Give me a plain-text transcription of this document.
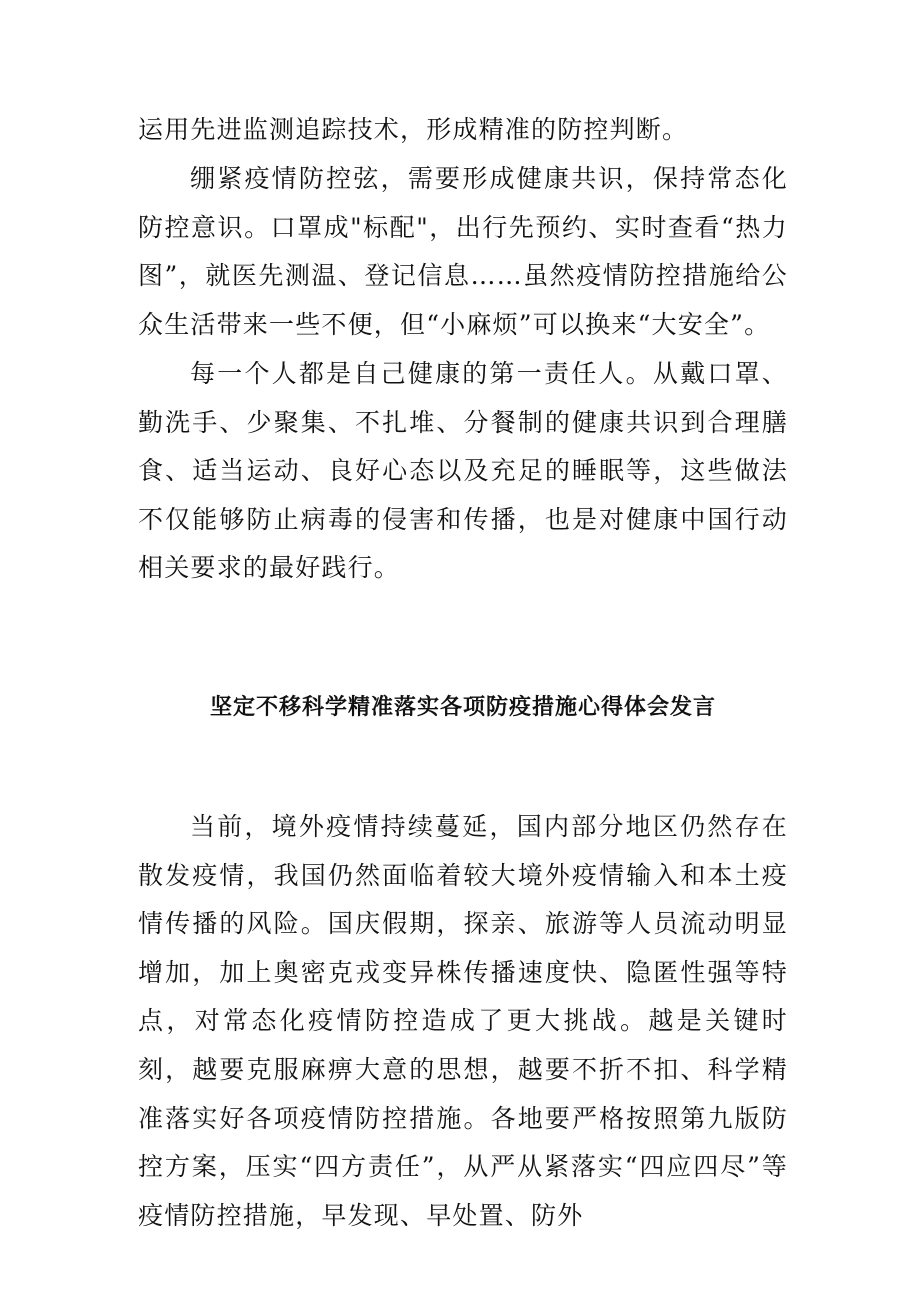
运用先进监测追踪技术，形成精准的防控判断。

绷紧疫情防控弦，需要形成健康共识，保持常态化防控意识。口罩成"标配"，出行先预约、实时查看“热力图”，就医先测温、登记信息……虽然疫情防控措施给公众生活带来一些不便，但“小麻烦”可以换来“大安全”。

每一个人都是自己健康的第一责任人。从戴口罩、勤洗手、少聚集、不扎堆、分餐制的健康共识到合理膳食、适当运动、良好心态以及充足的睡眠等，这些做法不仅能够防止病毒的侵害和传播，也是对健康中国行动相关要求的最好践行。

坚定不移科学精准落实各项防疫措施心得体会发言

当前，境外疫情持续蔓延，国内部分地区仍然存在散发疫情，我国仍然面临着较大境外疫情输入和本土疫情传播的风险。国庆假期，探亲、旅游等人员流动明显增加，加上奥密克戎变异株传播速度快、隐匿性强等特点，对常态化疫情防控造成了更大挑战。越是关键时刻，越要克服麻痹大意的思想，越要不折不扣、科学精准落实好各项疫情防控措施。各地要严格按照第九版防控方案，压实“四方责任”，从严从紧落实“四应四尽”等疫情防控措施，早发现、早处置、防外
